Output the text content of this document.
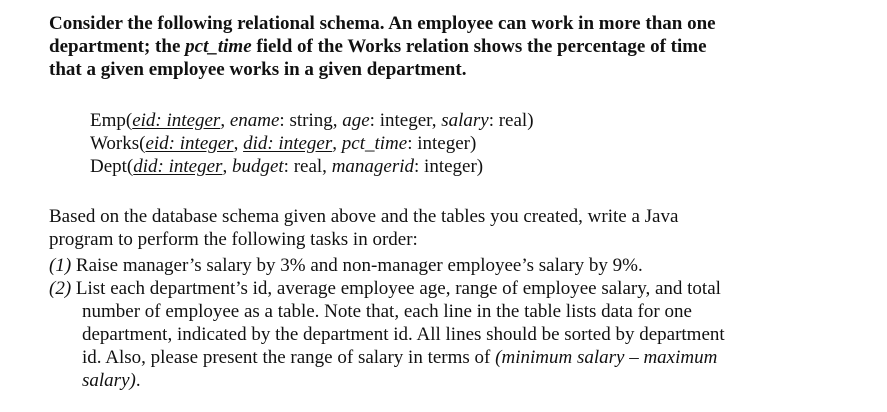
Consider the following relational schema. An employee can work in more than one
department; the pct_time field of the Works relation shows the percentage of time
that a given employee works in a given department.
Emp(eid: integer, ename: string, age: integer, salary: real)
Works(eid: integer, did: integer, pct_time: integer)
Dept(did: integer, budget: real, managerid: integer)
Based on the database schema given above and the tables you created, write a Java
program to perform the following tasks in order:
(1) Raise manager’s salary by 3% and non-manager employee’s salary by 9%.
(2) List each department’s id, average employee age, range of employee salary, and total
number of employee as a table. Note that, each line in the table lists data for one
department, indicated by the department id. All lines should be sorted by department
id. Also, please present the range of salary in terms of (minimum salary – maximum
salary).
